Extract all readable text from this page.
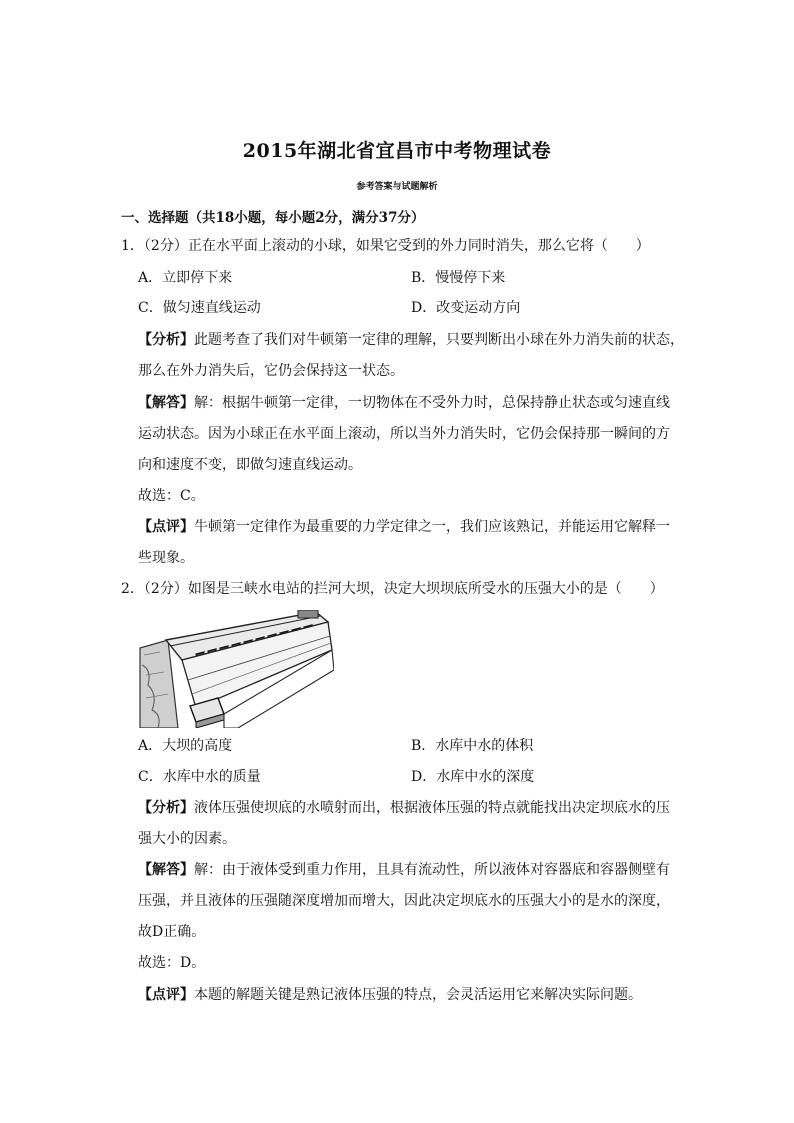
2015年湖北省宜昌市中考物理试卷
参考答案与试题解析
一、选择题（共18小题，每小题2分，满分37分）
1．（2分）正在水平面上滚动的小球，如果它受到的外力同时消失，那么它将（　　）
A．立即停下来	B．慢慢停下来
C．做匀速直线运动	D．改变运动方向
【分析】此题考查了我们对牛顿第一定律的理解，只要判断出小球在外力消失前的状态，
那么在外力消失后，它仍会保持这一状态。
【解答】解：根据牛顿第一定律，一切物体在不受外力时，总保持静止状态或匀速直线
运动状态。因为小球正在水平面上滚动，所以当外力消失时，它仍会保持那一瞬间的方
向和速度不变，即做匀速直线运动。
故选：C。
【点评】牛顿第一定律作为最重要的力学定律之一，我们应该熟记，并能运用它解释一
些现象。
2．（2分）如图是三峡水电站的拦河大坝，决定大坝坝底所受水的压强大小的是（　　）
A．大坝的高度	B．水库中水的体积
C．水库中水的质量	D．水库中水的深度
【分析】液体压强使坝底的水喷射而出，根据液体压强的特点就能找出决定坝底水的压
强大小的因素。
【解答】解：由于液体受到重力作用，且具有流动性，所以液体对容器底和容器侧壁有
压强，并且液体的压强随深度增加而增大，因此决定坝底水的压强大小的是水的深度，
故D正确。
故选：D。
【点评】本题的解题关键是熟记液体压强的特点，会灵活运用它来解决实际问题。
